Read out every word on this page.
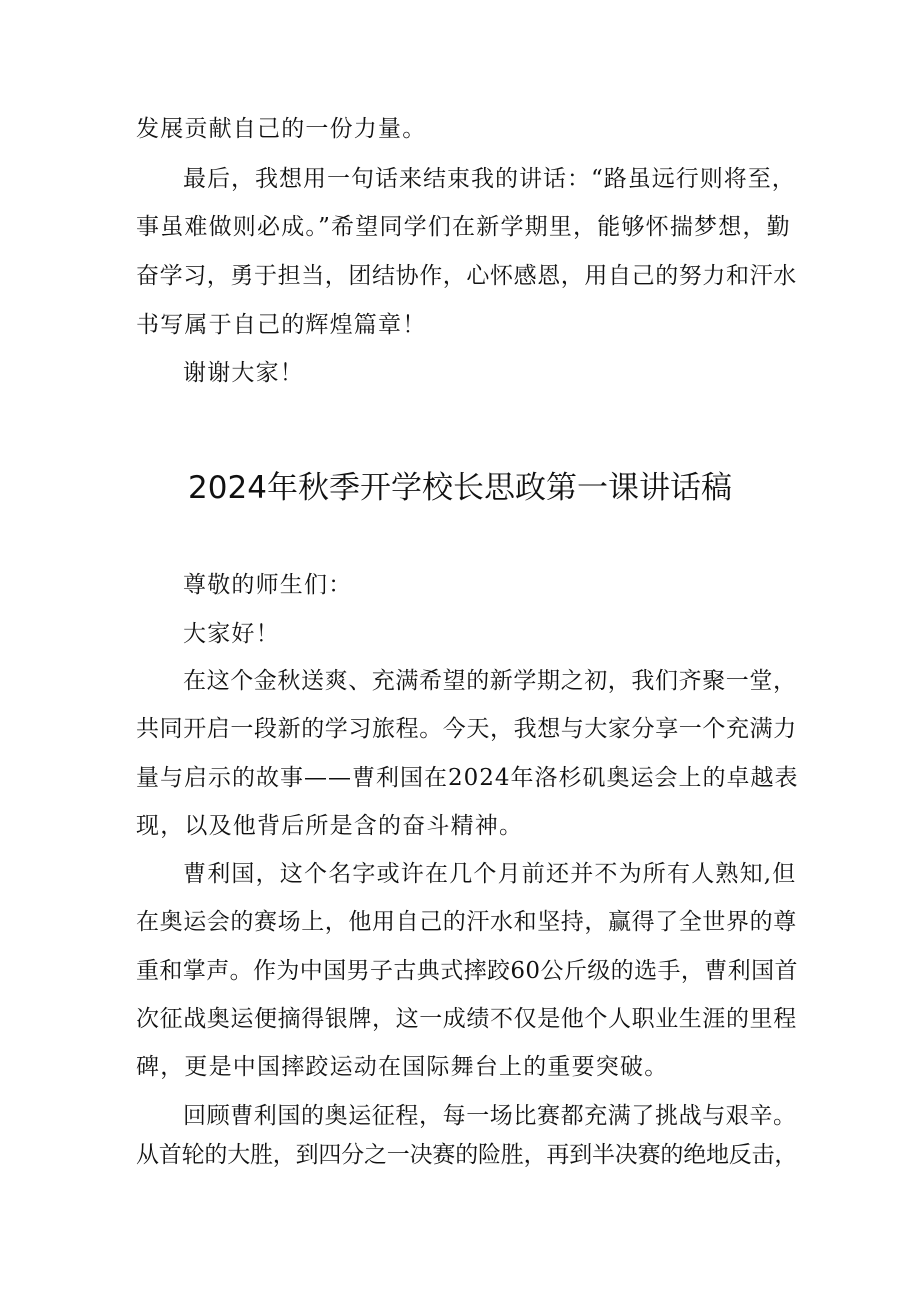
发展贡献自己的一份力量。
最后，我想用一句话来结束我的讲话：“路虽远行则将至，
事虽难做则必成。”希望同学们在新学期里，能够怀揣梦想，勤
奋学习，勇于担当，团结协作，心怀感恩，用自己的努力和汗水
书写属于自己的辉煌篇章！
谢谢大家！
2024年秋季开学校长思政第一课讲话稿
尊敬的师生们：
大家好！
在这个金秋送爽、充满希望的新学期之初，我们齐聚一堂，
共同开启一段新的学习旅程。今天，我想与大家分享一个充满力
量与启示的故事——曹利国在2024年洛杉矶奥运会上的卓越表
现，以及他背后所是含的奋斗精神。
曹利国，这个名字或许在几个月前还并不为所有人熟知,但
在奥运会的赛场上，他用自己的汗水和坚持，赢得了全世界的尊
重和掌声。作为中国男子古典式摔跤60公斤级的选手，曹利国首
次征战奥运便摘得银牌，这一成绩不仅是他个人职业生涯的里程
碑，更是中国摔跤运动在国际舞台上的重要突破。
回顾曹利国的奥运征程，每一场比赛都充满了挑战与艰辛。
从首轮的大胜，到四分之一决赛的险胜，再到半决赛的绝地反击，
